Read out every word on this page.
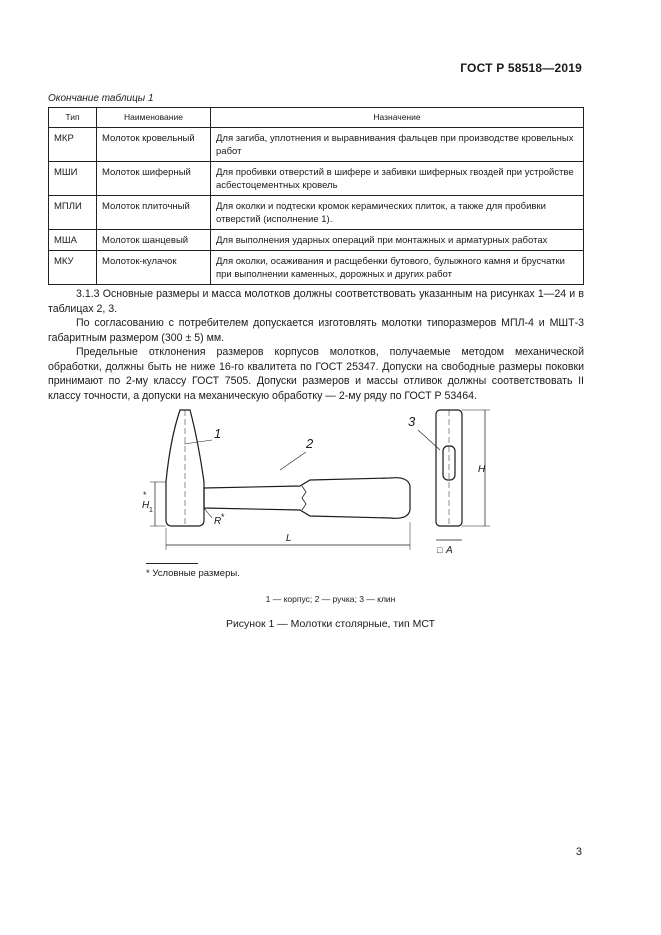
ГОСТ Р 58518—2019
Окончание таблицы 1
Тип	Наименование	Назначение
МКР	Молоток кровельный	Для загиба, уплотнения и выравнивания фальцев при производстве кровельных работ
МШИ	Молоток шиферный	Для пробивки отверстий в шифере и забивки шиферных гвоздей при устройстве асбестоцементных кровель
МПЛИ	Молоток плиточный	Для околки и подтески кромок керамических плиток, а также для пробивки отверстий (исполнение 1).
МША	Молоток шанцевый	Для выполнения ударных операций при монтажных и арматурных работах
МКУ	Молоток-кулачок	Для околки, осаживания и расщебенки бутового, булыжного камня и брусчатки при выполнении каменных, дорожных и других работ

3.1.3 Основные размеры и масса молотков должны соответствовать указанным на рисунках 1—24 и в таблицах 2, 3.

По согласованию с потребителем допускается изготовлять молотки типоразмеров МПЛ-4 и МШТ-3 габаритным размером (300 ± 5) мм.

Предельные отклонения размеров корпусов молотков, получаемые методом механической обработки, должны быть не ниже 16-го квалитета по ГОСТ 25347. Допуски на свободные размеры поковки принимают по 2-му классу ГОСТ 7505. Допуски размеров и массы отливок должны соответствовать II классу точности, а допуски на механическую обработку — 2-му ряду по ГОСТ Р 53464.

1
2
3
R *
H
*
1
L
H
□ A
* Условные размеры.
1 — корпус; 2 — ручка; 3 — клин
Рисунок 1 — Молотки столярные, тип МСТ
3
